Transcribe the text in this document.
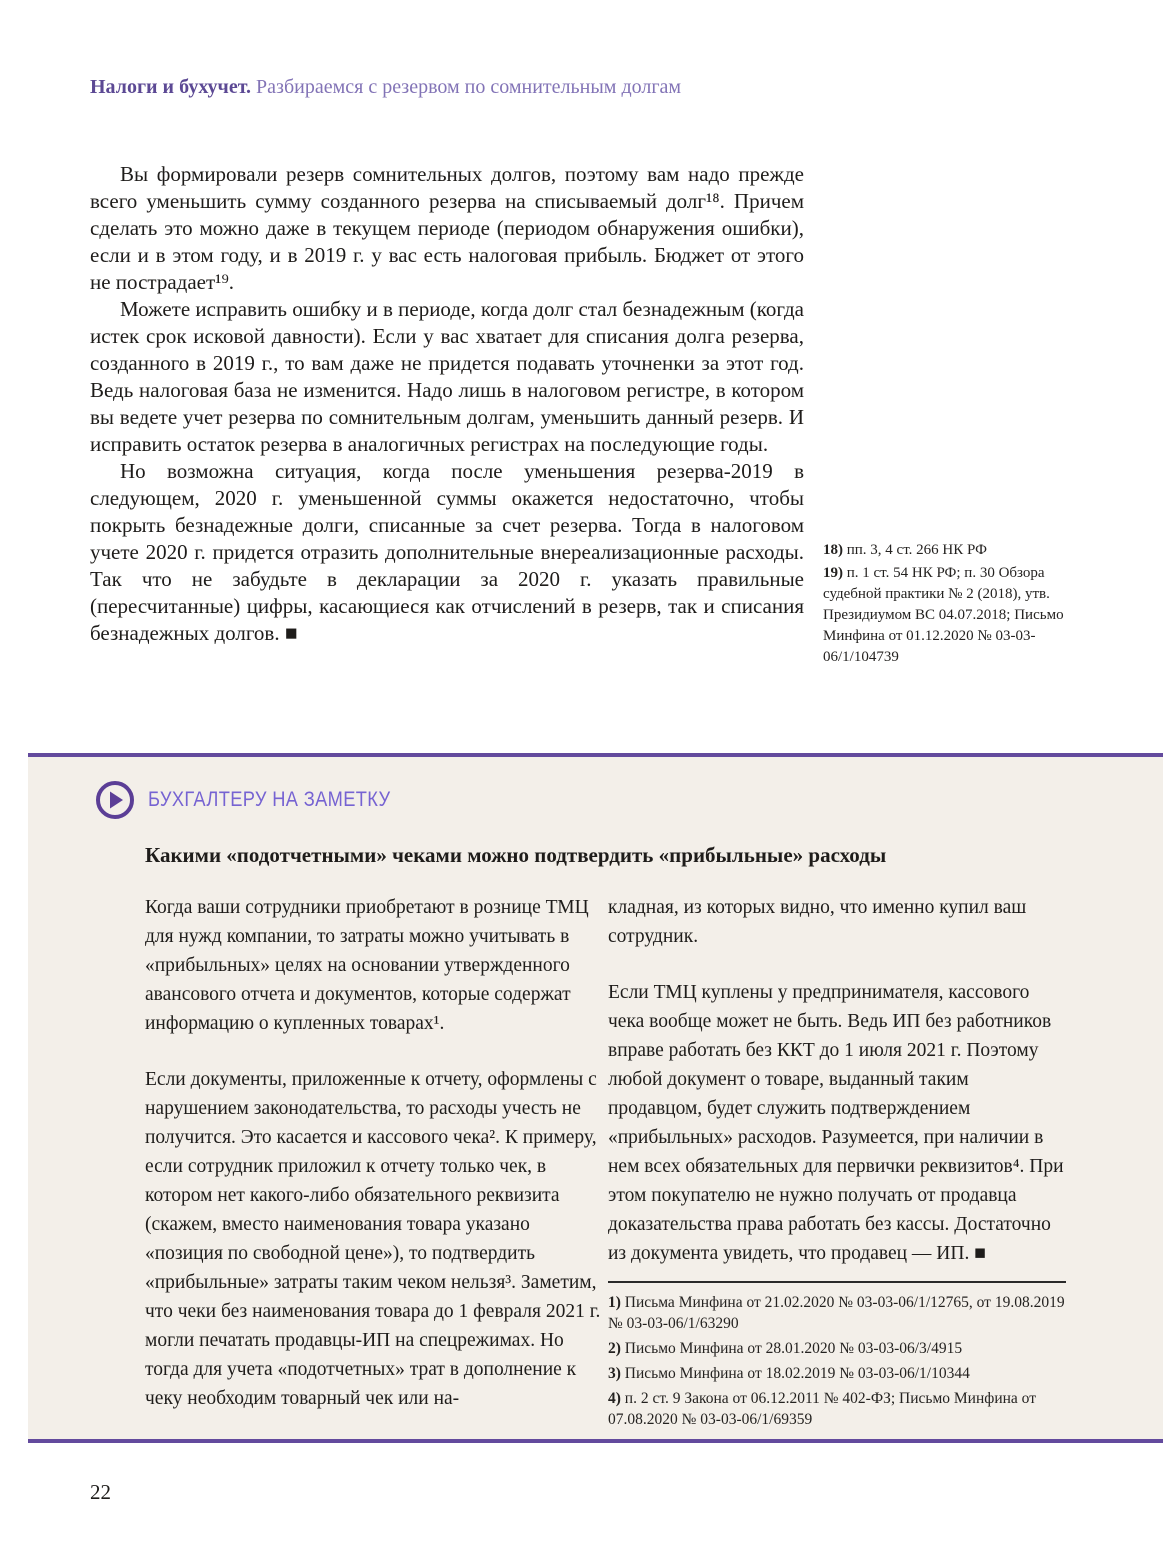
Налоги и бухучет. Разбираемся с резервом по сомнительным долгам

Вы формировали резерв сомнительных долгов, поэтому вам надо прежде всего уменьшить сумму созданного резерва на списываемый долг¹⁸. Причем сделать это можно даже в текущем периоде (периодом обнаружения ошибки), если и в этом году, и в 2019 г. у вас есть налоговая прибыль. Бюджет от этого не пострадает¹⁹.

Можете исправить ошибку и в периоде, когда долг стал безнадежным (когда истек срок исковой давности). Если у вас хватает для списания долга резерва, созданного в 2019 г., то вам даже не придется подавать уточненки за этот год. Ведь налоговая база не изменится. Надо лишь в налоговом регистре, в котором вы ведете учет резерва по сомнительным долгам, уменьшить данный резерв. И исправить остаток резерва в аналогичных регистрах на последующие годы.

Но возможна ситуация, когда после уменьшения резерва-2019 в следующем, 2020 г. уменьшенной суммы окажется недостаточно, чтобы покрыть безнадежные долги, списанные за счет резерва. Тогда в налоговом учете 2020 г. придется отразить дополнительные внереализационные расходы. Так что не забудьте в декларации за 2020 г. указать правильные (пересчитанные) цифры, касающиеся как отчислений в резерв, так и списания безнадежных долгов. ■

18) пп. 3, 4 ст. 266 НК РФ
19) п. 1 ст. 54 НК РФ; п. 30 Обзора судебной практики № 2 (2018), утв. Президиумом ВС 04.07.2018; Письмо Минфина от 01.12.2020 № 03-03-06/1/104739
БУХГАЛТЕРУ НА ЗАМЕТКУ
Какими «подотчетными» чеками можно подтвердить «прибыльные» расходы

Когда ваши сотрудники приобретают в рознице ТМЦ для нужд компании, то затраты можно учитывать в «прибыльных» целях на основании утвержденного авансового отчета и документов, которые содержат информацию о купленных товарах¹.

Если документы, приложенные к отчету, оформлены с нарушением законодательства, то расходы учесть не получится. Это касается и кассового чека². К примеру, если сотрудник приложил к отчету только чек, в котором нет какого-либо обязательного реквизита (скажем, вместо наименования товара указано «позиция по свободной цене»), то подтвердить «прибыльные» затраты таким чеком нельзя³. Заметим, что чеки без наименования товара до 1 февраля 2021 г. могли печатать продавцы-ИП на спецрежимах. Но тогда для учета «подотчетных» трат в дополнение к чеку необходим товарный чек или на-

кладная, из которых видно, что именно купил ваш сотрудник.

Если ТМЦ куплены у предпринимателя, кассового чека вообще может не быть. Ведь ИП без работников вправе работать без ККТ до 1 июля 2021 г. Поэтому любой документ о товаре, выданный таким продавцом, будет служить подтверждением «прибыльных» расходов. Разумеется, при наличии в нем всех обязательных для первички реквизитов⁴. При этом покупателю не нужно получать от продавца доказательства права работать без кассы. Достаточно из документа увидеть, что продавец — ИП. ■

1) Письма Минфина от 21.02.2020 № 03-03-06/1/12765, от 19.08.2019 № 03-03-06/1/63290
2) Письмо Минфина от 28.01.2020 № 03-03-06/3/4915
3) Письмо Минфина от 18.02.2019 № 03-03-06/1/10344
4) п. 2 ст. 9 Закона от 06.12.2011 № 402-ФЗ; Письмо Минфина от 07.08.2020 № 03-03-06/1/69359
22
